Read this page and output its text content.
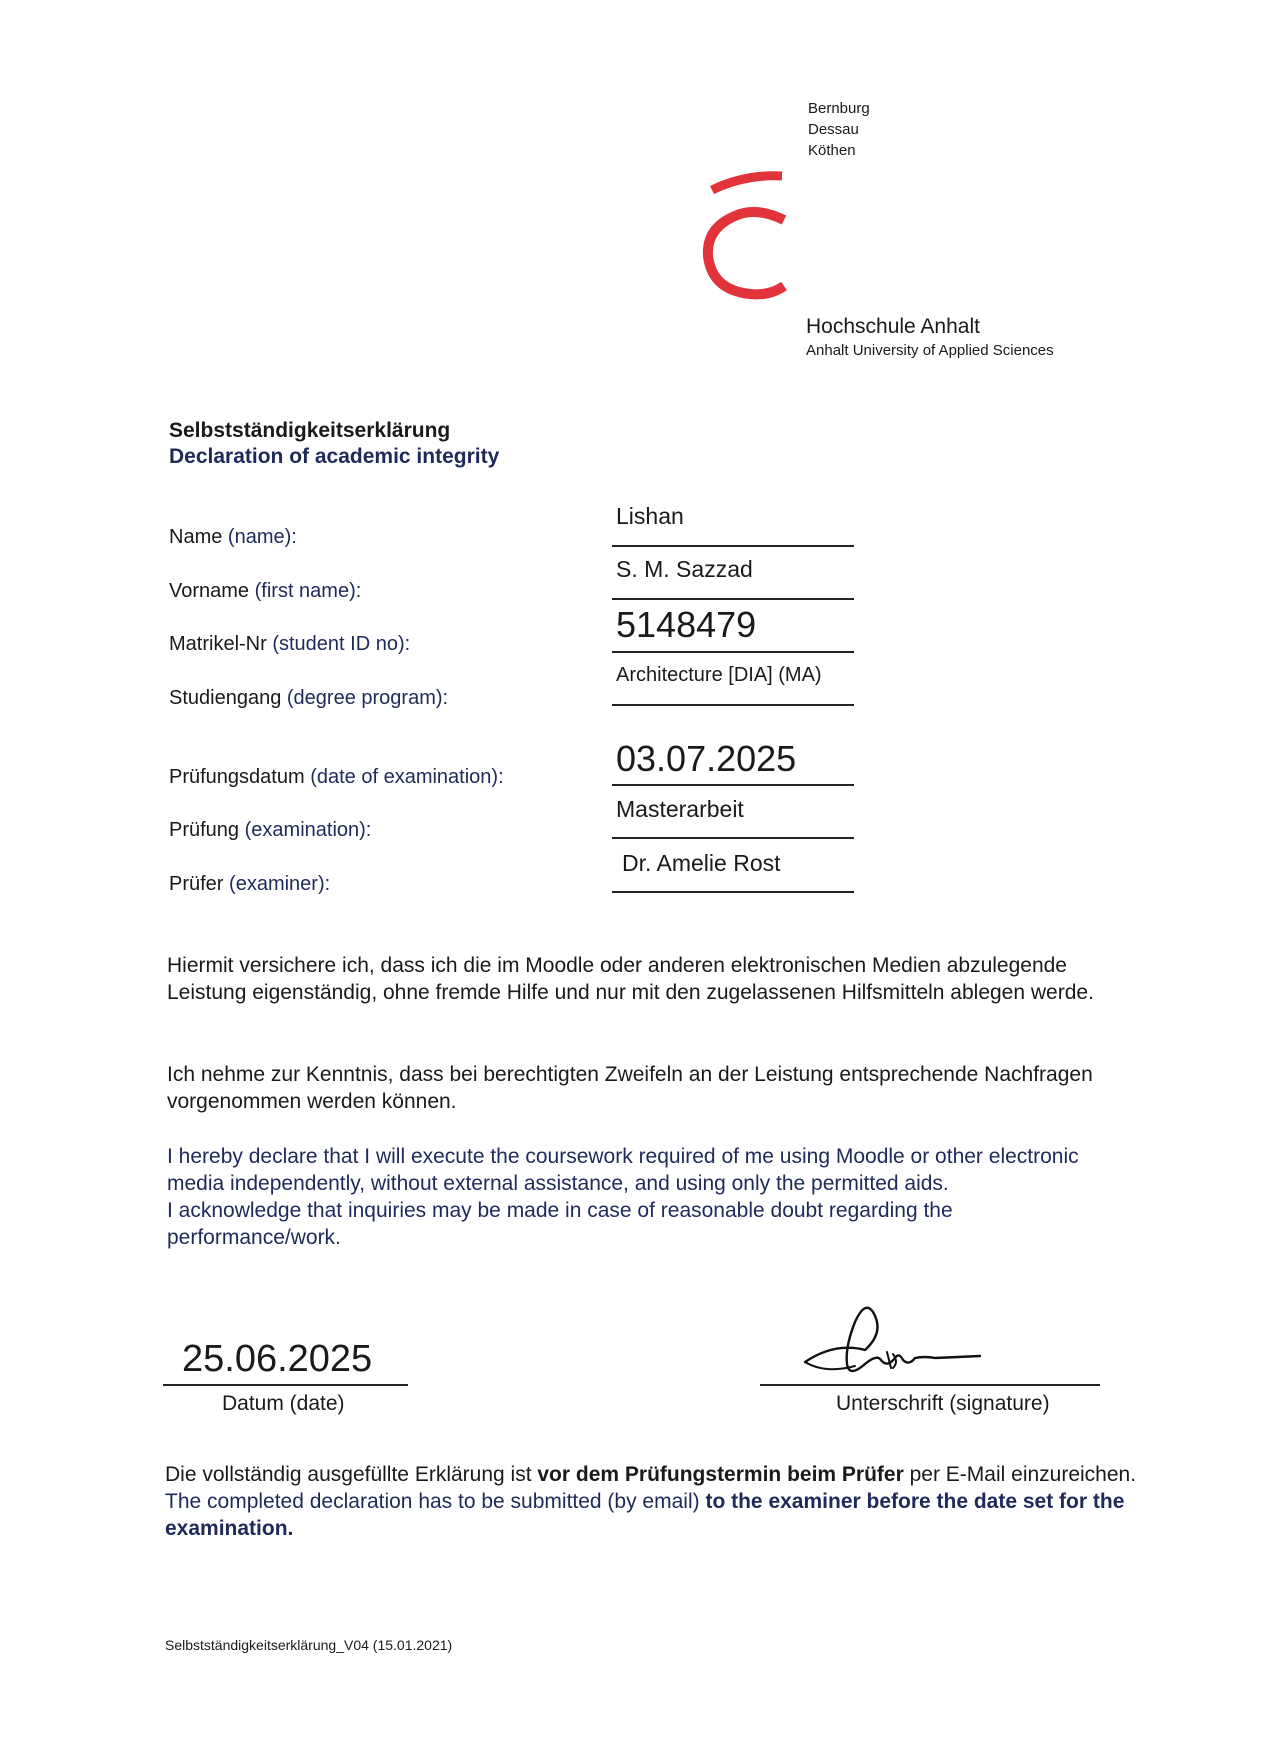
Bernburg
Dessau
Köthen
Hochschule Anhalt
Anhalt University of Applied Sciences
Selbstständigkeitserklärung
Declaration of academic integrity
Name (name):
Lishan
Vorname (first name):
S. M. Sazzad
Matrikel-Nr (student ID no):	5148479
Studiengang (degree program):
Architecture [DIA] (MA)
Prüfungsdatum (date of examination):	03.07.2025
Prüfung (examination):
Masterarbeit
Prüfer (examiner):
Dr. Amelie Rost

Hiermit versichere ich, dass ich die im Moodle oder anderen elektronischen Medien abzulegende Leistung eigenständig, ohne fremde Hilfe und nur mit den zugelassenen Hilfsmitteln ablegen werde.

Ich nehme zur Kenntnis, dass bei berechtigten Zweifeln an der Leistung entsprechende Nachfragen vorgenommen werden können.

I hereby declare that I will execute the coursework required of me using Moodle or other electronic media independently, without external assistance, and using only the permitted aids.

I acknowledge that inquiries may be made in case of reasonable doubt regarding the performance/work.

25.06.2025
Datum (date)	Unterschrift (signature)

Die vollständig ausgefüllte Erklärung ist vor dem Prüfungstermin beim Prüfer per E-Mail einzureichen.

The completed declaration has to be submitted (by email) to the examiner before the date set for the examination.

Selbstständigkeitserklärung_V04 (15.01.2021)
